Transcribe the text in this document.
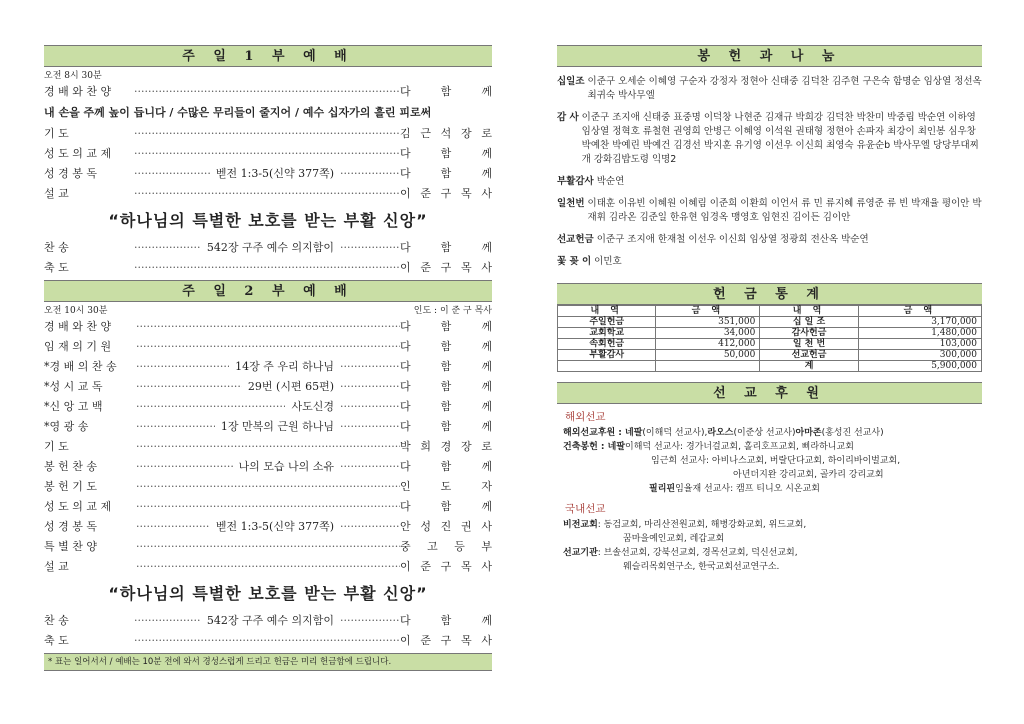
주 일 1 부 예 배
오전 8시 30분
경 배 와 찬 양 ·····	다	함	께
내 손을 주께 높이 듭니다 / 수많은 무리들이 줄지어 / 예수 십자가의 흘린 피로써
기 도 ·····	김 근 석 장 로
성 도 의 교 제 ·····	다	함	께
성 경 봉 독 ·····	벧전 1:3-5(신약 377쪽) ·····	다	함	께
설 교 ·····	이 준 구 목 사
“하나님의 특별한 보호를 받는 부활 신앙”
찬 송 ·····	542장 구주 예수 의지함이 ·····	다	함	께
축 도 ·····	이 준 구 목 사
주 일 2 부 예 배
오전 10시 30분	인도 : 이 준 구 목사
경 배 와 찬 양 ·····	다	함	께
임 재 의 기 원 ·····	다	함	께
*경 배 의 찬 송 ·····	14장 주 우리 하나님 ·····	다	함	께
*성 시 교 독 ·····	29번 (시편 65편) ·····	다	함	께
*신 앙 고 백 ·····	사도신경 ·····	다	함	께
*영 광 송 ·····	1장 만복의 근원 하나님 ·····	다	함	께
기 도 ·····	박 희 경 장 로
봉 헌 찬 송 ·····	나의 모습 나의 소유 ·····	다	함	께
봉 헌 기 도 ·····	인	도	자
성 도 의 교 제 ·····	다	함	께
성 경 봉 독 ·····	벧전 1:3-5(신약 377쪽) ·····	안 성 진 권 사
특 별 찬 양 ·····	중 고 등 부
설 교 ·····	이 준 구 목 사
“하나님의 특별한 보호를 받는 부활 신앙”
찬 송 ·····	542장 구주 예수 의지함이 ·····	다	함	께
축 도 ·····	이 준 구 목 사
* 표는 일어서서 / 예배는 10분 전에 와서 경성스럽게 드리고 헌금은 미리 헌금함에 드립니다.
봉 헌 과 나 눔
십일조 이준구 오세순 이혜영 구순자 강정자 정현아 신태중 김덕찬 김주현 구은숙 함명순 임상열 정선옥 최귀숙 박사무엘
감 사 이준구 조지애 신태중 표중명 이덕창 나현준 김재규 박희강 김덕찬 박찬미 박중립 박순연 이하영 임상열 정혁호 류철현 권영희 안병근 이혜영 이석원 권태형 정현아 손파자 최강이 최인봉 심우창 박예찬 박예린 박예건 김경선 박지훈 유기영 이선우 이신희 최영숙 유윤순b 박사무엘 당당부대찌개 강화김밥도령 익명2
부활감사 박순연
일천번 이태훈 이유빈 이혜원 이혜림 이준희 이환희 이언서 류 민 류지혜 류영준 류 빈 박재율 평이안 박재휘 김라온 김준일 한유현 임경옥 맹영호 임현진 김이든 김이안
선교헌금 이준구 조지애 한재철 이선우 이신희 임상열 정광희 전산옥 박순연
꽃 꽂 이 이민호
헌 금 통 계
내 역	금 액	내 역	금 액
주일헌금	351,000	십 일 조	3,170,000
교회학교	34,000	감사헌금	1,480,000
속회헌금	412,000	일 천 번	103,000
부활감사	50,000	선교헌금	300,000
		계	5,900,000
선 교 후 원
해외선교
해외선교후원 : 네팔 (이해덕 선교사), 라오스 (이준상 선교사) 아마존 (홍성진 선교사)
건축봉헌 : 네팔 이해덕 선교사: 경가너걸교회, 홀리호프교회, 삐라하니교회
임근희 선교사: 아비나스교회, 버랄단다교회, 하이리바이벌교회,
아년더지완 강리교회, 골카리 강리교회
필리핀 임율재 선교사: 캠프 티니오 시온교회
국내선교
비전교회 : 동검교회, 마리산전원교회, 해병강화교회, 위드교회,
꿈마을예인교회, 레갑교회
선교기관 : 브솔선교회, 강북선교회, 경목선교회, 덕신선교회,
웨슬리목회연구소, 한국교회선교연구소.
